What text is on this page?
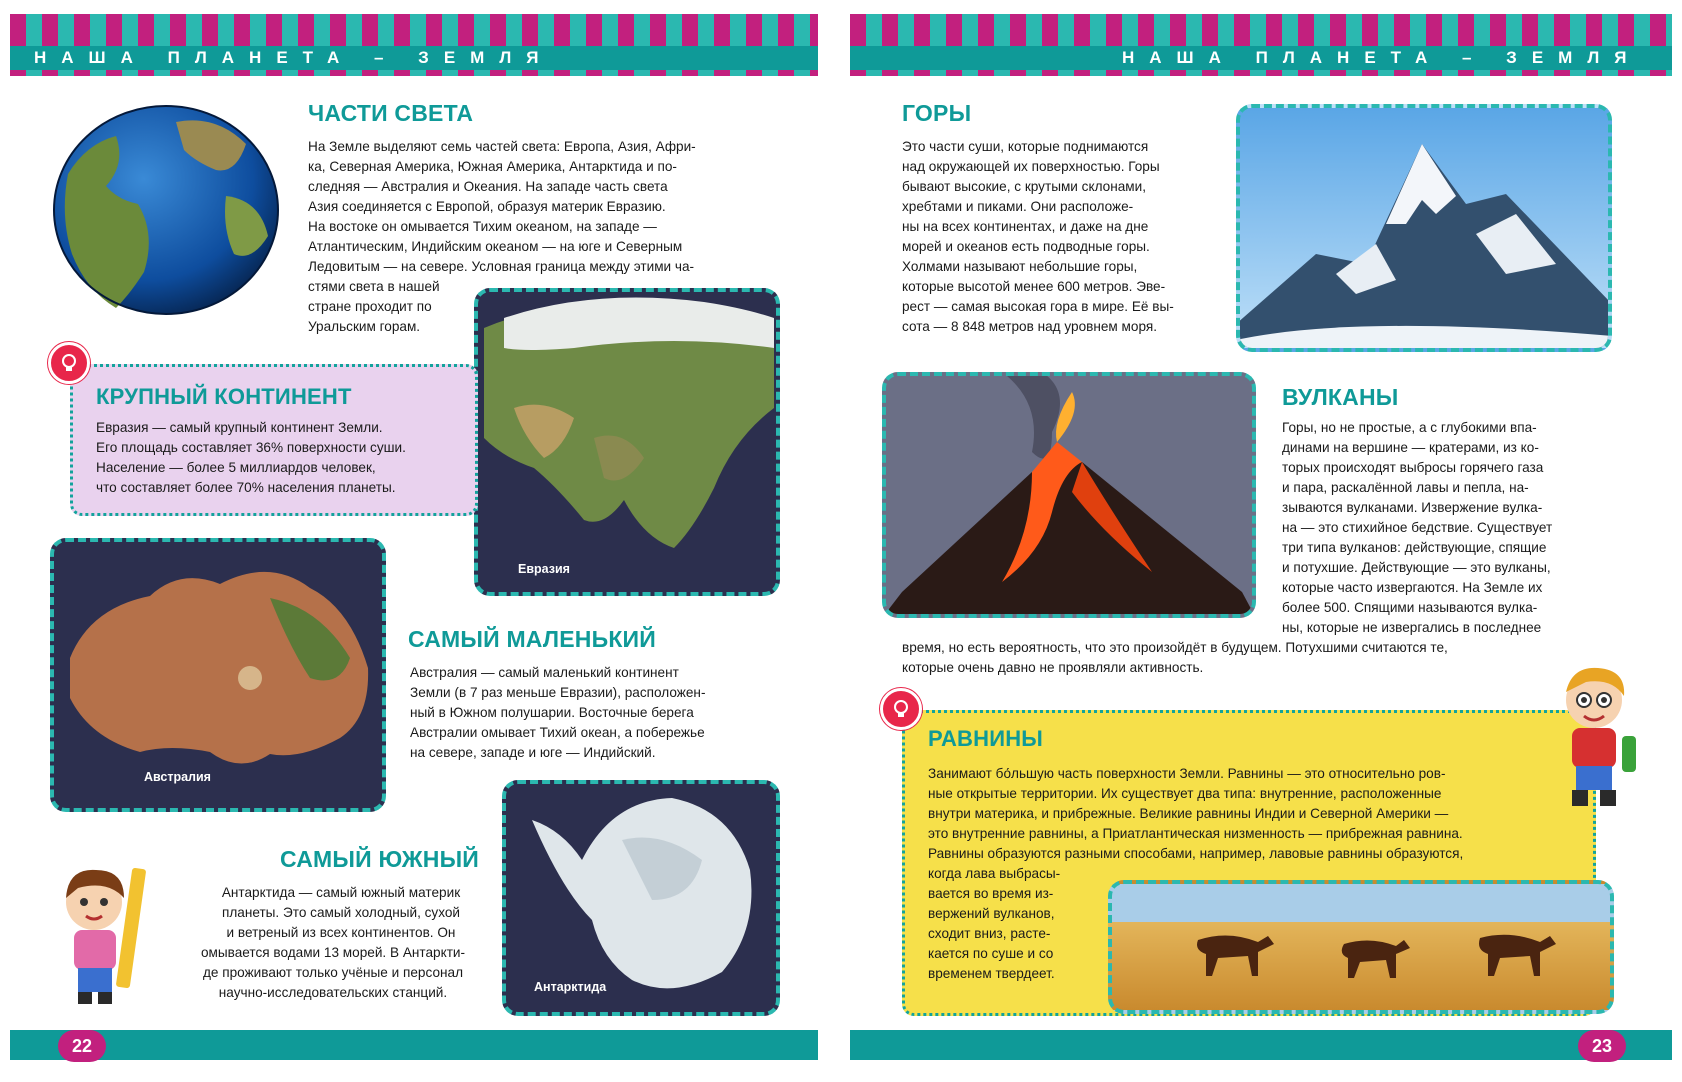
НАША ПЛАНЕТА – ЗЕМЛЯ
ЧАСТИ СВЕТА

На Земле выделяют семь частей света: Европа, Азия, Афри-

ка, Северная Америка, Южная Америка, Антарктида и по-

следняя — Австралия и Океания. На западе часть света

Азия соединяется с Европой, образуя материк Евразию.

На востоке он омывается Тихим океаном, на западе —

Атлантическим, Индийским океаном — на юге и Северным

Ледовитым — на севере. Условная граница между этими ча-

стями света в нашей

стране проходит по

Уральским горам.

Евразия
КРУПНЫЙ КОНТИНЕНТ

Евразия — самый крупный континент Земли.

Его площадь составляет 36% поверхности суши.

Население — более 5 миллиардов человек,

что составляет более 70% населения планеты.

Австралия
САМЫЙ МАЛЕНЬКИЙ

Австралия — самый маленький континент

Земли (в 7 раз меньше Евразии), расположен-

ный в Южном полушарии. Восточные берега

Австралии омывает Тихий океан, а побережье

на севере, западе и юге — Индийский.

Антарктида
САМЫЙ ЮЖНЫЙ

Антарктида — самый южный материк

планеты. Это самый холодный, сухой

и ветреный из всех континентов. Он

омывается водами 13 морей. В Антаркти-

де проживают только учёные и персонал

научно-исследовательских станций.

22
НАША ПЛАНЕТА – ЗЕМЛЯ
ГОРЫ

Это части суши, которые поднимаются

над окружающей их поверхностью. Горы

бывают высокие, с крутыми склонами,

хребтами и пиками. Они расположе-

ны на всех континентах, и даже на дне

морей и океанов есть подводные горы.

Холмами называют небольшие горы,

которые высотой менее 600 метров. Эве-

рест — самая высокая гора в мире. Её вы-

сота — 8 848 метров над уровнем моря.

ВУЛКАНЫ

Горы, но не простые, а с глубокими впа-

динами на вершине — кратерами, из ко-

торых происходят выбросы горячего газа

и пара, раскалённой лавы и пепла, на-

зываются вулканами. Извержение вулка-

на — это стихийное бедствие. Существует

три типа вулканов: действующие, спящие

и потухшие. Действующие — это вулканы,

которые часто извергаются. На Земле их

более 500. Спящими называются вулка-

ны, которые не извергались в последнее

время, но есть вероятность, что это произойдёт в будущем. Потухшими считаются те,

которые очень давно не проявляли активность.

РАВНИНЫ

Занимают бо́льшую часть поверхности Земли. Равнины — это относительно ров-

ные открытые территории. Их существует два типа: внутренние, расположенные

внутри материка, и прибрежные. Великие равнины Индии и Северной Америки —

это внутренние равнины, а Приатлантическая низменность — прибрежная равнина.

Равнины образуются разными способами, например, лавовые равнины образуются,

когда лава выбрасы-

вается во время из-

вержений вулканов,

сходит вниз, расте-

кается по суше и со

временем твердеет.

23
